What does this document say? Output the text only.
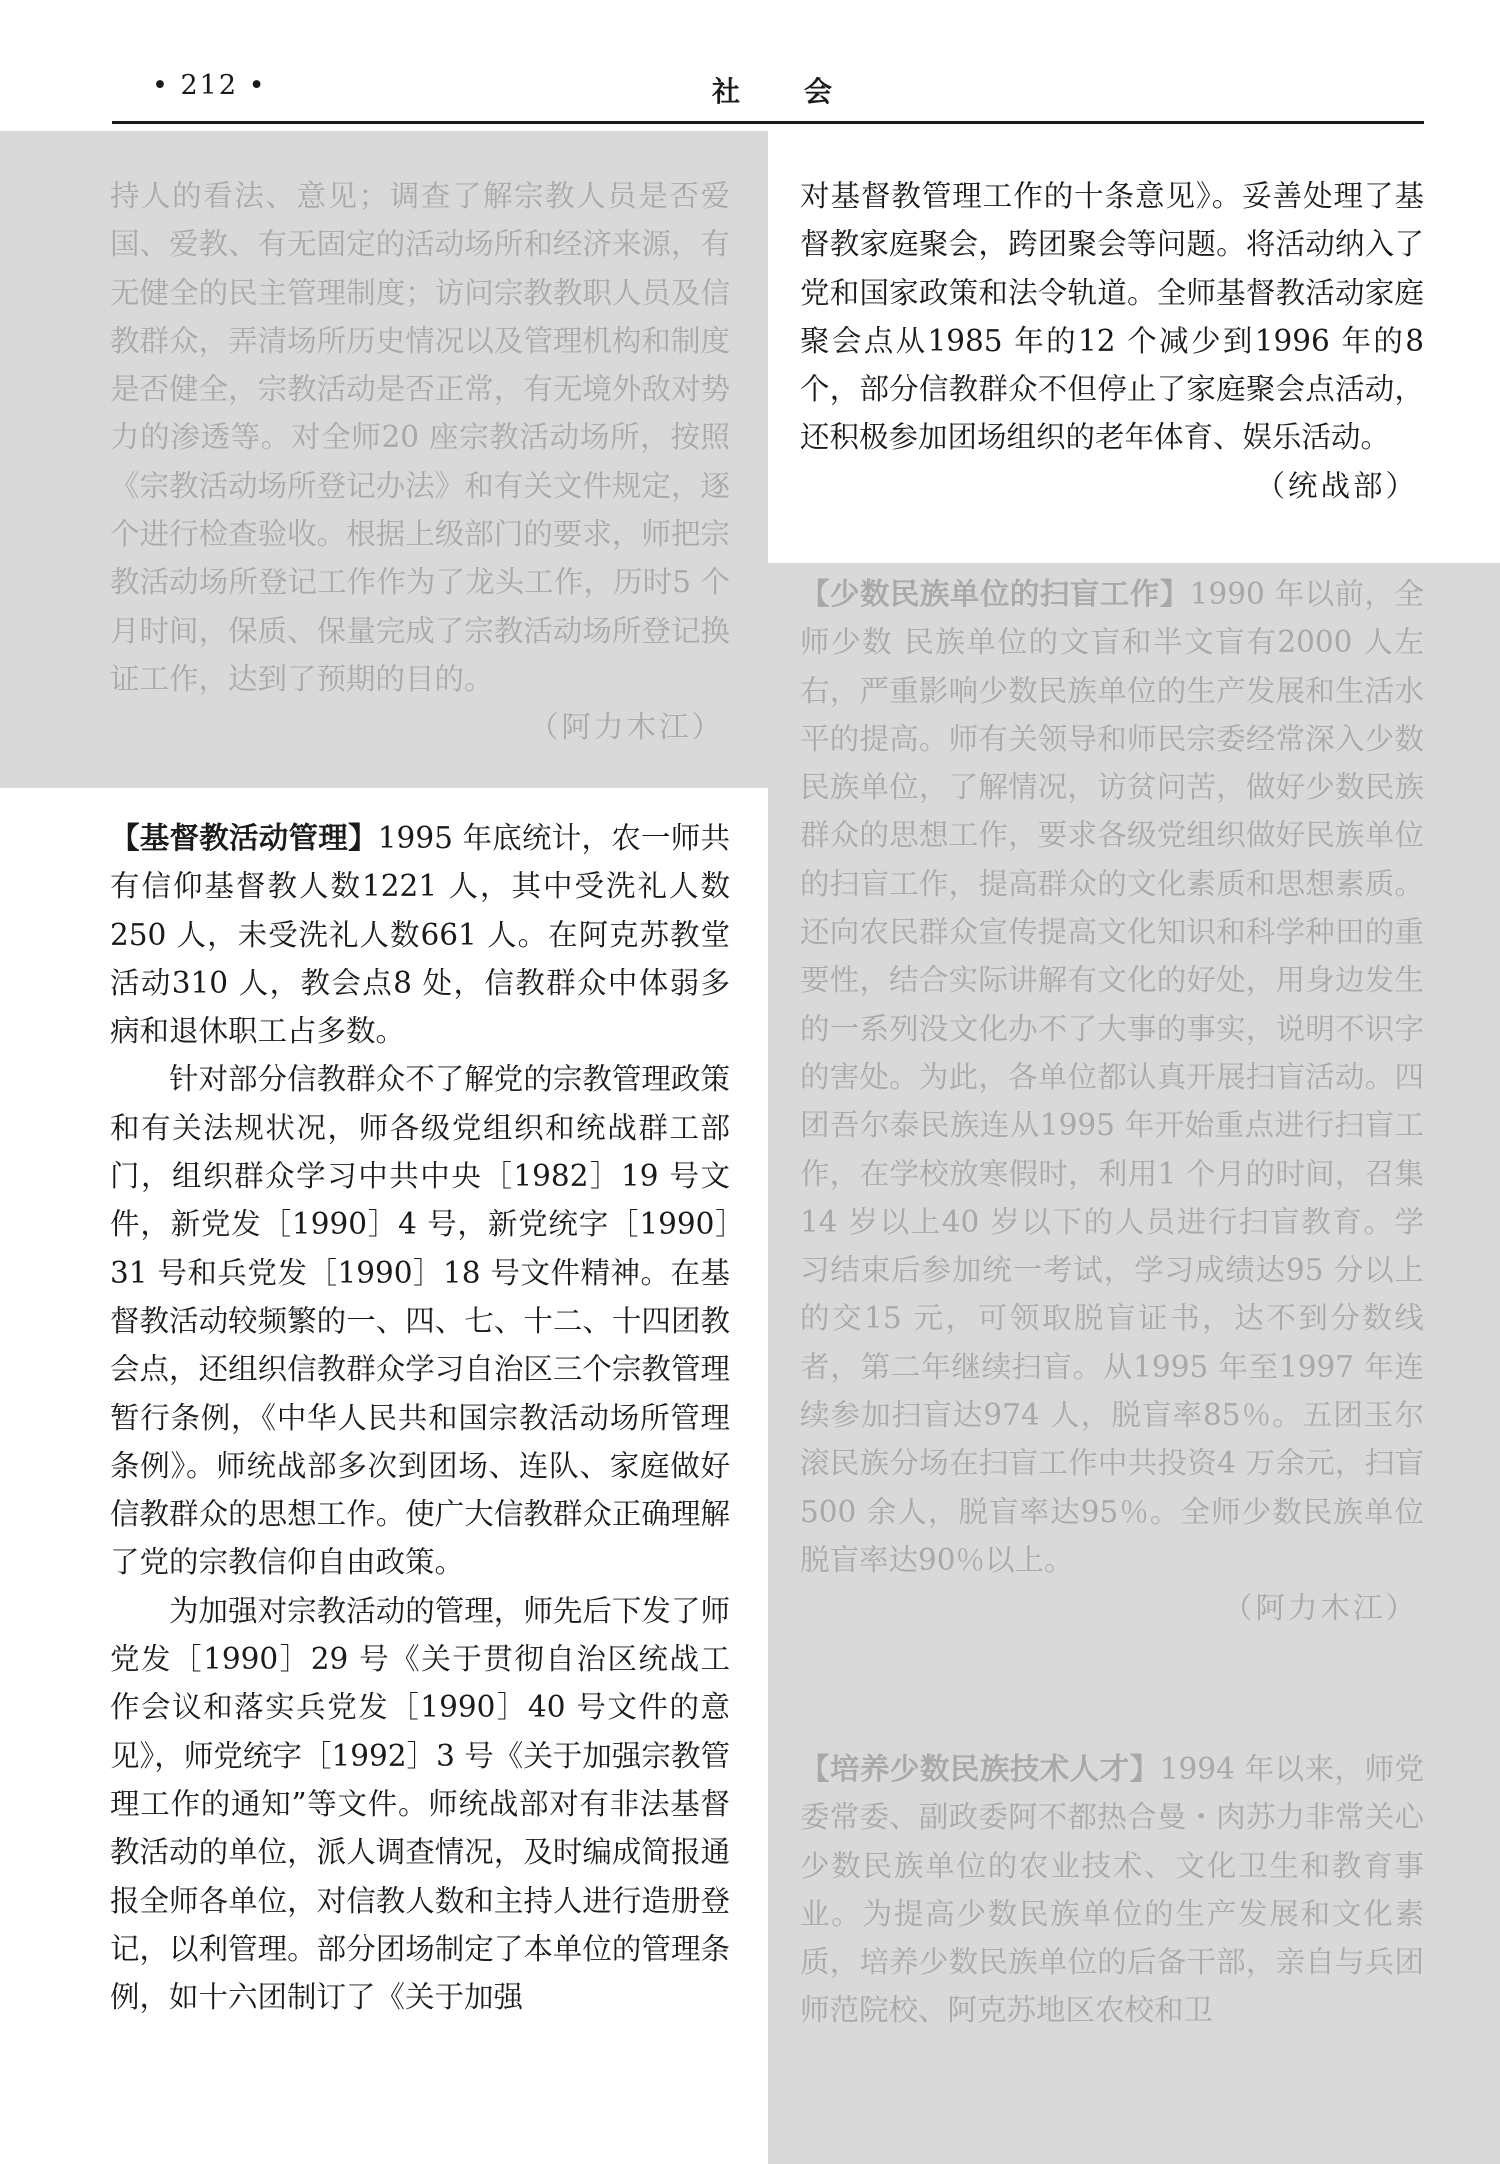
• 212 •	社会

持人的看法、意见；调查了解宗教人员是否爱国、爱教、有无固定的活动场所和经济来源，有无健全的民主管理制度；访问宗教教职人员及信教群众，弄清场所历史情况以及管理机构和制度是否健全，宗教活动是否正常，有无境外敌对势力的渗透等。对全师20 座宗教活动场所，按照《宗教活动场所登记办法》和有关文件规定，逐个进行检查验收。根据上级部门的要求，师把宗教活动场所登记工作作为了龙头工作，历时5 个月时间，保质、保量完成了宗教活动场所登记换证工作，达到了预期的目的。

（阿力木江）

【基督教活动管理】1995 年底统计，农一师共有信仰基督教人数1221 人，其中受洗礼人数250 人，未受洗礼人数661 人。在阿克苏教堂活动310 人，教会点8 处，信教群众中体弱多病和退休职工占多数。

针对部分信教群众不了解党的宗教管理政策和有关法规状况，师各级党组织和统战群工部门，组织群众学习中共中央［1982］19 号文件，新党发［1990］4 号，新党统字［1990］31 号和兵党发［1990］18 号文件精神。在基督教活动较频繁的一、四、七、十二、十四团教会点，还组织信教群众学习自治区三个宗教管理暂行条例，《中华人民共和国宗教活动场所管理条例》。师统战部多次到团场、连队、家庭做好信教群众的思想工作。使广大信教群众正确理解了党的宗教信仰自由政策。

为加强对宗教活动的管理，师先后下发了师党发［1990］29 号《关于贯彻自治区统战工作会议和落实兵党发［1990］40 号文件的意见》，师党统字［1992］3 号《关于加强宗教管理工作的通知”等文件。师统战部对有非法基督教活动的单位，派人调查情况，及时编成简报通报全师各单位，对信教人数和主持人进行造册登记，以利管理。部分团场制定了本单位的管理条例，如十六团制订了《关于加强

对基督教管理工作的十条意见》。妥善处理了基督教家庭聚会，跨团聚会等问题。将活动纳入了党和国家政策和法令轨道。全师基督教活动家庭聚会点从1985 年的12 个减少到1996 年的8 个，部分信教群众不但停止了家庭聚会点活动，还积极参加团场组织的老年体育、娱乐活动。

（统战部）

【少数民族单位的扫盲工作】1990 年以前，全师少数 民族单位的文盲和半文盲有2000 人左右，严重影响少数民族单位的生产发展和生活水平的提高。师有关领导和师民宗委经常深入少数民族单位，了解情况，访贫问苦，做好少数民族群众的思想工作，要求各级党组织做好民族单位的扫盲工作，提高群众的文化素质和思想素质。还向农民群众宣传提高文化知识和科学种田的重要性，结合实际讲解有文化的好处，用身边发生的一系列没文化办不了大事的事实，说明不识字的害处。为此，各单位都认真开展扫盲活动。四团吾尔泰民族连从1995 年开始重点进行扫盲工作，在学校放寒假时，利用1 个月的时间，召集14 岁以上40 岁以下的人员进行扫盲教育。学习结束后参加统一考试，学习成绩达95 分以上的交15 元，可领取脱盲证书，达不到分数线者，第二年继续扫盲。从1995 年至1997 年连续参加扫盲达974 人，脱盲率85％。五团玉尔滚民族分场在扫盲工作中共投资4 万余元，扫盲500 余人，脱盲率达95％。全师少数民族单位脱盲率达90％以上。

（阿力木江）

【培养少数民族技术人才】1994 年以来，师党委常委、副政委阿不都热合曼・肉苏力非常关心少数民族单位的农业技术、文化卫生和教育事业。为提高少数民族单位的生产发展和文化素质，培养少数民族单位的后备干部，亲自与兵团师范院校、阿克苏地区农校和卫
